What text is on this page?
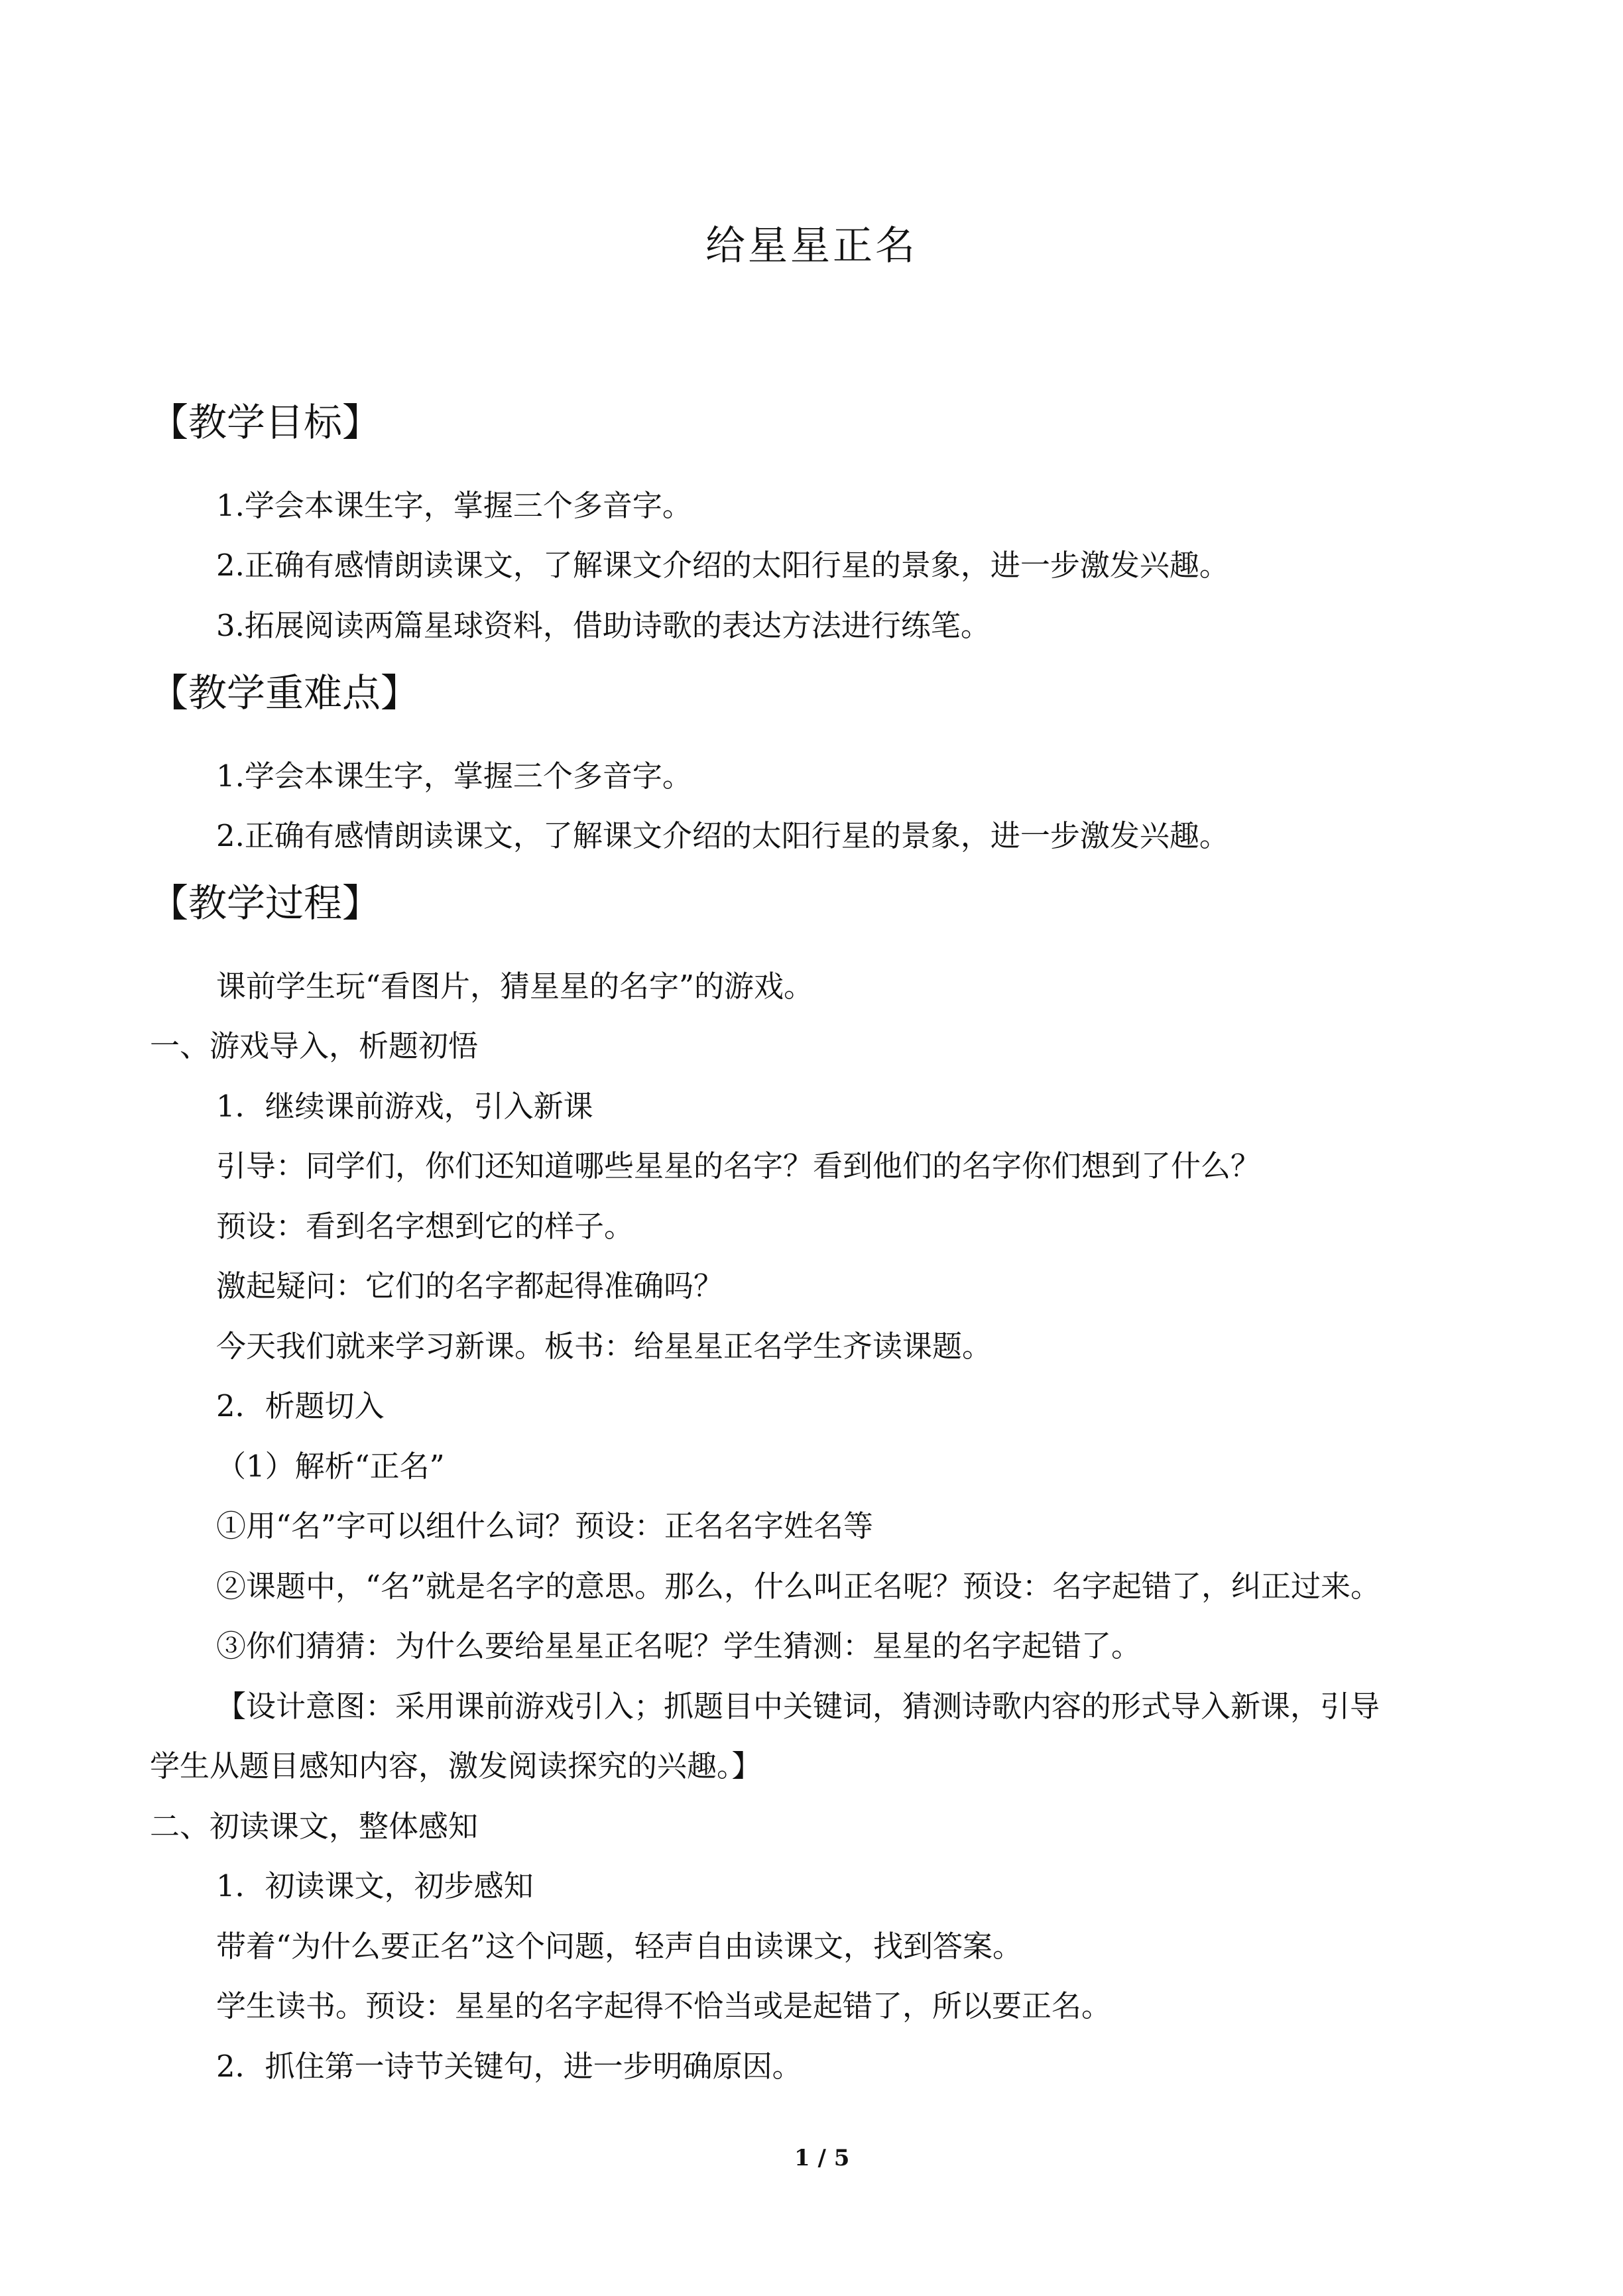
给星星正名
【教学目标】
1.学会本课生字，掌握三个多音字。
2.正确有感情朗读课文，了解课文介绍的太阳行星的景象，进一步激发兴趣。
3.拓展阅读两篇星球资料，借助诗歌的表达方法进行练笔。
【教学重难点】
1.学会本课生字，掌握三个多音字。
2.正确有感情朗读课文，了解课文介绍的太阳行星的景象，进一步激发兴趣。
【教学过程】
课前学生玩“看图片，猜星星的名字”的游戏。
一、游戏导入，析题初悟
1．继续课前游戏，引入新课
引导：同学们，你们还知道哪些星星的名字？看到他们的名字你们想到了什么？
预设：看到名字想到它的样子。
激起疑问：它们的名字都起得准确吗？
今天我们就来学习新课。板书：给星星正名学生齐读课题。
2．析题切入
（1）解析“正名”
①用“名”字可以组什么词？预设：正名名字姓名等
②课题中，“名”就是名字的意思。那么，什么叫正名呢？预设：名字起错了，纠正过来。
③你们猜猜：为什么要给星星正名呢？学生猜测：星星的名字起错了。
【设计意图：采用课前游戏引入；抓题目中关键词，猜测诗歌内容的形式导入新课，引导
学生从题目感知内容，激发阅读探究的兴趣。】
二、初读课文，整体感知
1．初读课文，初步感知
带着“为什么要正名”这个问题，轻声自由读课文，找到答案。
学生读书。预设：星星的名字起得不恰当或是起错了，所以要正名。
2．抓住第一诗节关键句，进一步明确原因。
1 / 5
